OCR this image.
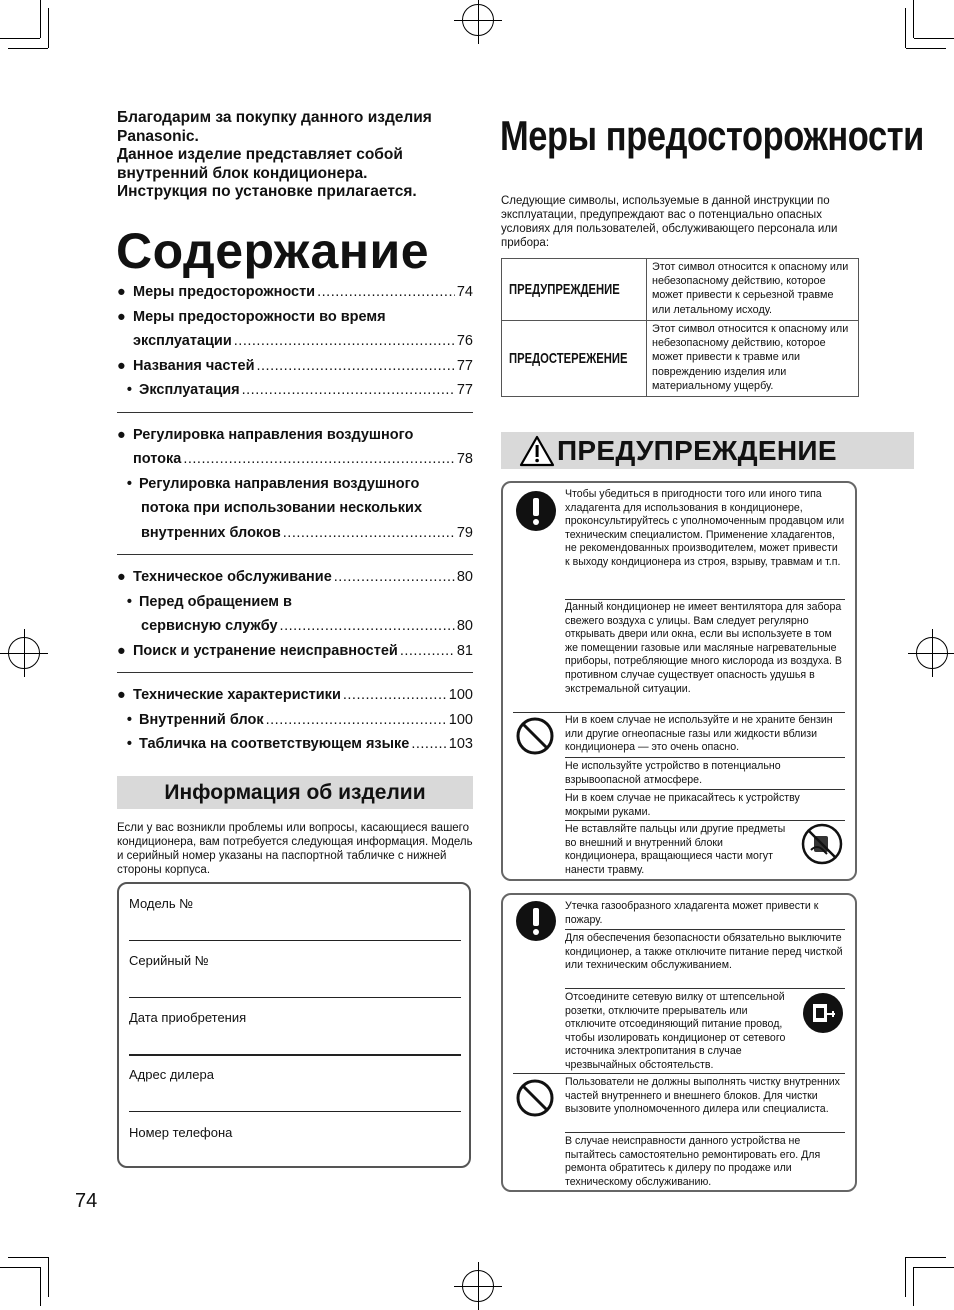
Благодарим за покупку данного изделия
Panasonic.
Данное изделие представляет собой
внутренний блок кондиционера.
Инструкция по установке прилагается.
Содержание
● Меры предосторожности .....	74
● Меры предосторожности во время
эксплуатации .....	76
● Названия частей .....	77
• Эксплуатация .....	77
● Регулировка направления воздушного
потока .....	78
• Регулировка направления воздушного
потока при использовании нескольких
внутренних блоков .....	79
● Техническое обслуживание .....	80
• Перед обращением в
сервисную службу .....	80
● Поиск и устранение неисправностей .....	81
● Технические характеристики .....	100
• Внутренний блок .....	100
• Табличка на соответствующем языке .....	103
Информация об изделии
Если у вас возникли проблемы или вопросы, касающиеся вашего кондиционера, вам потребуется следующая информация. Модель и серийный номер указаны на паспортной табличке с нижней стороны корпуса.
Модель №
Серийный №
Дата приобретения
Адрес дилера
Номер телефона
74
Меры предосторожности
Следующие символы, используемые в данной инструкции по эксплуатации, предупреждают вас о потенциально опасных условиях для пользователей, обслуживающего персонала или прибора:
ПРЕДУПРЕЖДЕНИЕ
Этот символ относится к опасному или небезопасному действию, которое может привести к серьезной травме или летальному исходу.
ПРЕДОСТЕРЕЖЕНИЕ
Этот символ относится к опасному или небезопасному действию, которое может привести к травме или повреждению изделия или материальному ущербу.
ПРЕДУПРЕЖДЕНИЕ
Чтобы убедиться в пригодности того или иного типа хладагента для использования в кондиционере, проконсультируйтесь с уполномоченным продавцом или техническим специалистом. Применение хладагентов, не рекомендованных производителем, может привести к выходу кондиционера из строя, взрыву, травмам и т.п.
Данный кондиционер не имеет вентилятора для забора свежего воздуха с улицы. Вам следует регулярно открывать двери или окна, если вы используете в том же помещении газовые или масляные нагревательные приборы, потребляющие много кислорода из воздуха. В противном случае существует опасность удушья в экстремальной ситуации.
Ни в коем случае не используйте и не храните бензин или другие огнеопасные газы или жидкости вблизи кондиционера — это очень опасно.
Не используйте устройство в потенциально взрывоопасной атмосфере.
Ни в коем случае не прикасайтесь к устройству мокрыми руками.
Не вставляйте пальцы или другие предметы во внешний и внутренний блоки кондиционера, вращающиеся части могут нанести травму.
Утечка газообразного хладагента может привести к пожару.
Для обеспечения безопасности обязательно выключите кондиционер, а также отключите питание перед чисткой или техническим обслуживанием.
Отсоедините сетевую вилку от штепсельной розетки, отключите прерыватель или отключите отсоединяющий питание провод, чтобы изолировать кондиционер от сетевого источника электропитания в случае чрезвычайных обстоятельств.
Пользователи не должны выполнять чистку внутренних частей внутреннего и внешнего блоков. Для чистки вызовите уполномоченного дилера или специалиста.
В случае неисправности данного устройства не пытайтесь самостоятельно ремонтировать его. Для ремонта обратитесь к дилеру по продаже или техническому обслуживанию.
